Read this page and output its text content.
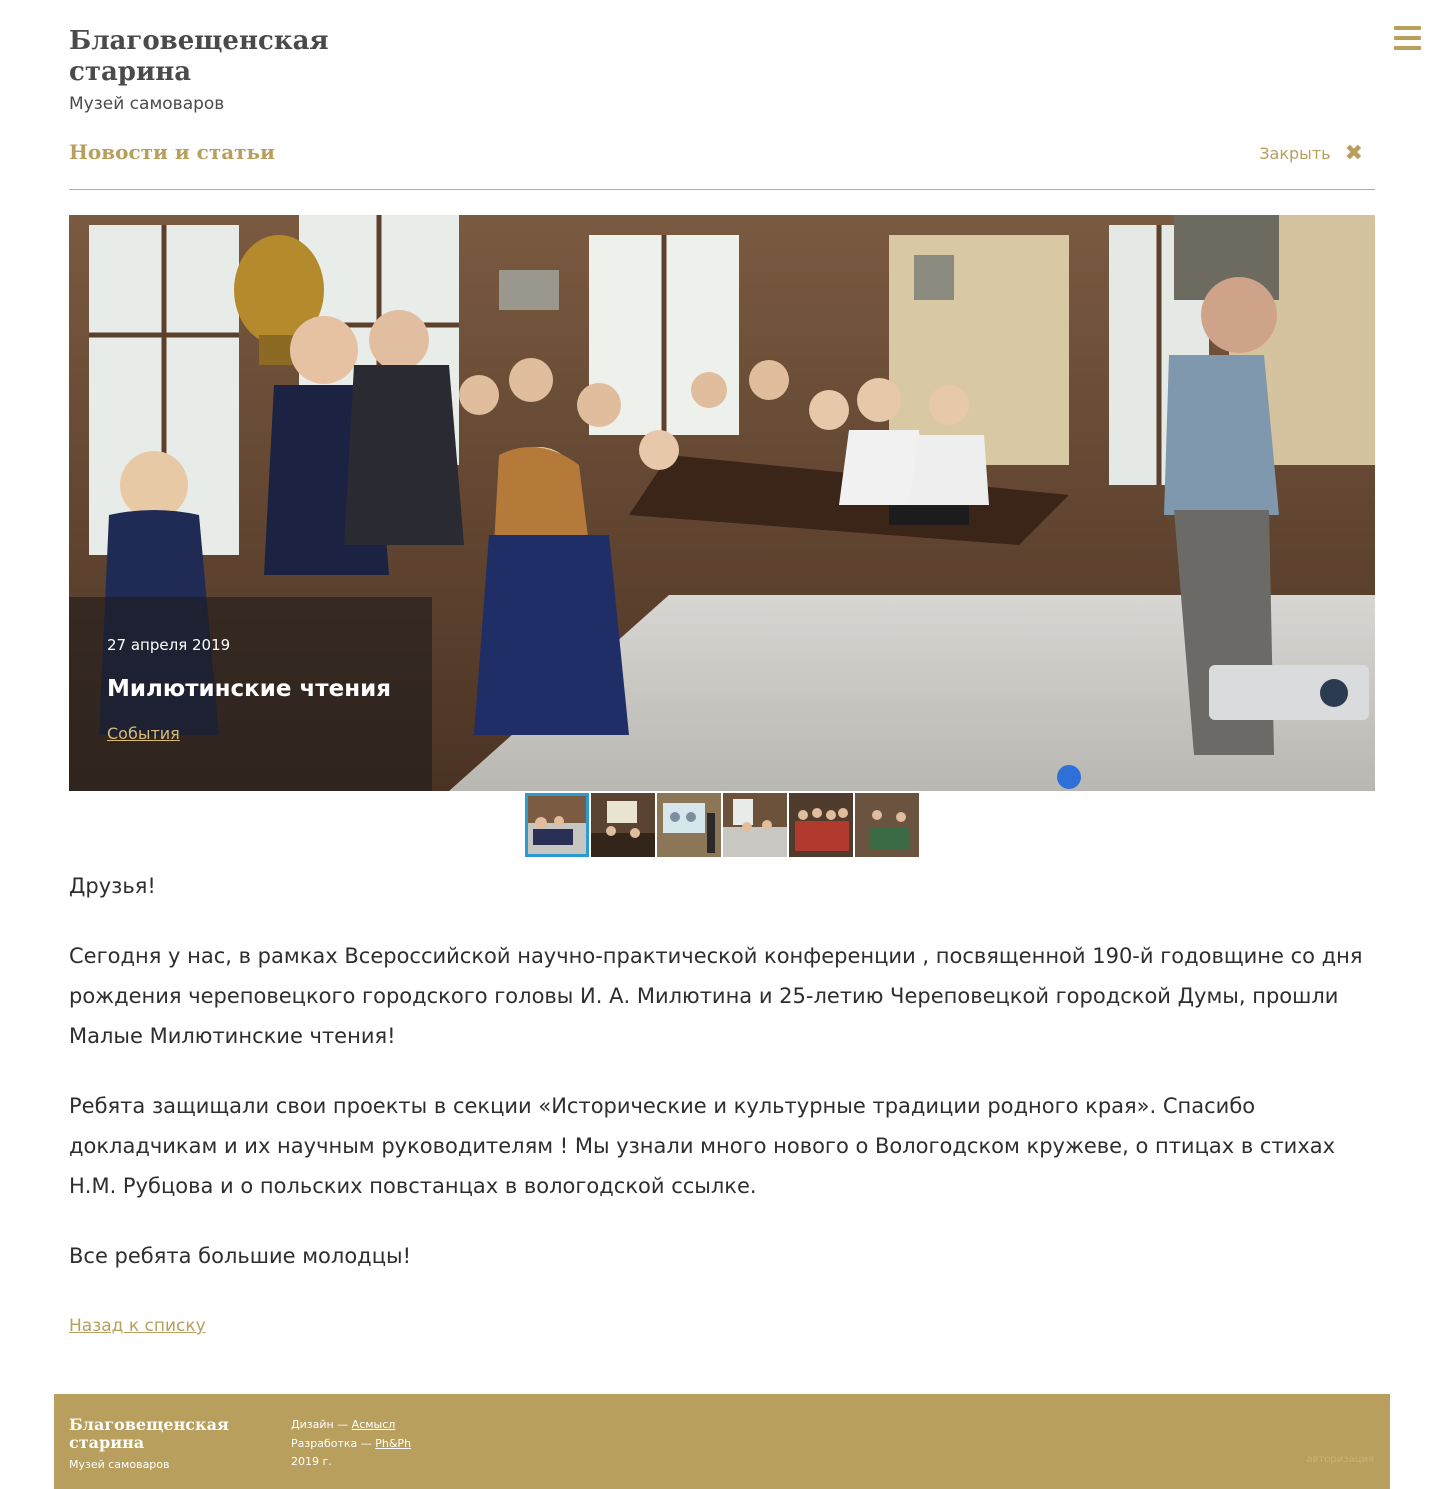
Благовещенская старина
Музей самоваров
Новости и статьи	Закрыть ✖
27 апреля 2019
Милютинские чтения
События

Друзья!

Сегодня у нас, в рамках Всероссийской научно-практической конференции , посвященной 190-й годовщине со дня рождения череповецкого городского головы И. А. Милютина и 25-летию Череповецкой городской Думы, прошли Малые Милютинские чтения!

Ребята защищали свои проекты в секции «Исторические и культурные традиции родного края». Спасибо докладчикам и их научным руководителям ! Мы узнали много нового о Вологодском кружеве, о птицах в стихах Н.М. Рубцова и о польских повстанцах в вологодской ссылке.

Все ребята большие молодцы!

Назад к списку
Благовещенская старина
Музей самоваров
Дизайн — Асмысл
Разработка — Ph&Ph
2019 г.	авторизация
